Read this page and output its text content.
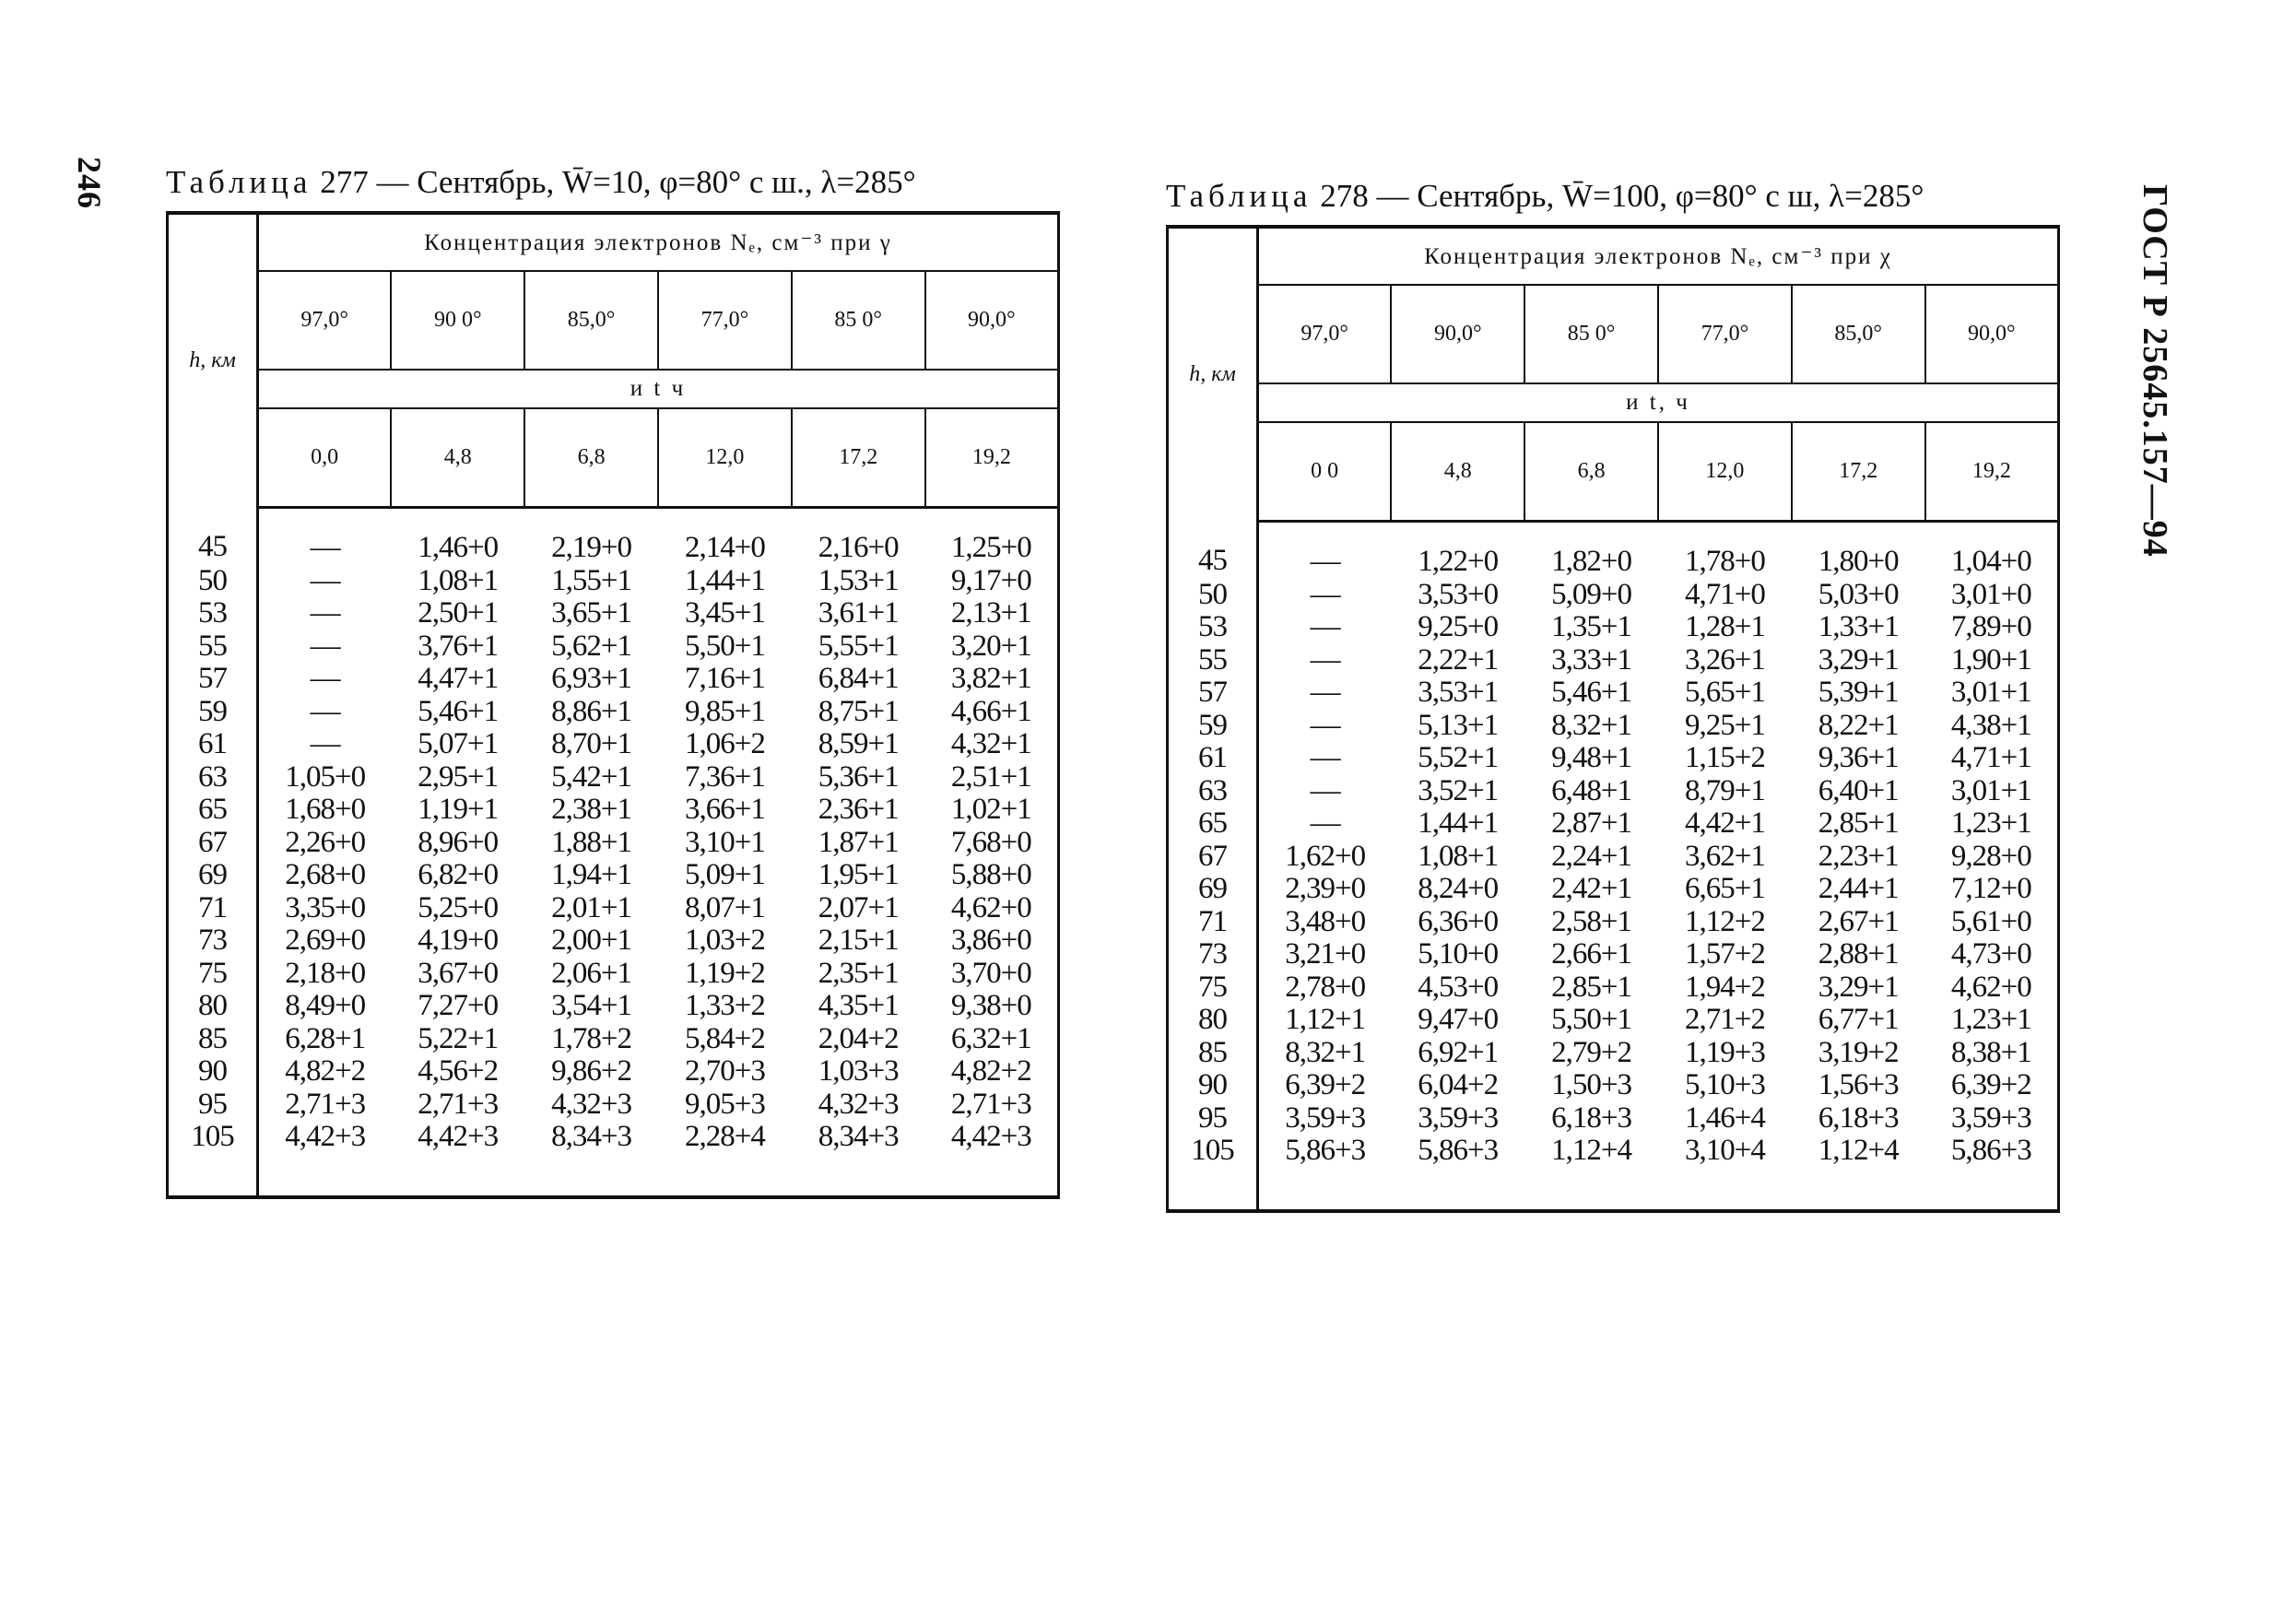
246
ГОСТ Р 25645.157—94
Таблица 277 — Сентябрь, W̄=10, φ=80° с ш., λ=285°
h, км	Концентрация электронов Nₑ, см⁻³ при γ					
	97,0°	90 0°	85,0°	77,0°	85 0°	90,0°
	и t ч					
	0,0	4,8	6,8	12,0	17,2	19,2
45	—	1,46+0	2,19+0	2,14+0	2,16+0	1,25+0
50	—	1,08+1	1,55+1	1,44+1	1,53+1	9,17+0
53	—	2,50+1	3,65+1	3,45+1	3,61+1	2,13+1
55	—	3,76+1	5,62+1	5,50+1	5,55+1	3,20+1
57	—	4,47+1	6,93+1	7,16+1	6,84+1	3,82+1
59	—	5,46+1	8,86+1	9,85+1	8,75+1	4,66+1
61	—	5,07+1	8,70+1	1,06+2	8,59+1	4,32+1
63	1,05+0	2,95+1	5,42+1	7,36+1	5,36+1	2,51+1
65	1,68+0	1,19+1	2,38+1	3,66+1	2,36+1	1,02+1
67	2,26+0	8,96+0	1,88+1	3,10+1	1,87+1	7,68+0
69	2,68+0	6,82+0	1,94+1	5,09+1	1,95+1	5,88+0
71	3,35+0	5,25+0	2,01+1	8,07+1	2,07+1	4,62+0
73	2,69+0	4,19+0	2,00+1	1,03+2	2,15+1	3,86+0
75	2,18+0	3,67+0	2,06+1	1,19+2	2,35+1	3,70+0
80	8,49+0	7,27+0	3,54+1	1,33+2	4,35+1	9,38+0
85	6,28+1	5,22+1	1,78+2	5,84+2	2,04+2	6,32+1
90	4,82+2	4,56+2	9,86+2	2,70+3	1,03+3	4,82+2
95	2,71+3	2,71+3	4,32+3	9,05+3	4,32+3	2,71+3
105	4,42+3	4,42+3	8,34+3	2,28+4	8,34+3	4,42+3
Таблица 278 — Сентябрь, W̄=100, φ=80° с ш, λ=285°
h, км	Концентрация электронов Nₑ, см⁻³ при χ					
	97,0°	90,0°	85 0°	77,0°	85,0°	90,0°
	и t, ч					
	0 0	4,8	6,8	12,0	17,2	19,2
45	—	1,22+0	1,82+0	1,78+0	1,80+0	1,04+0
50	—	3,53+0	5,09+0	4,71+0	5,03+0	3,01+0
53	—	9,25+0	1,35+1	1,28+1	1,33+1	7,89+0
55	—	2,22+1	3,33+1	3,26+1	3,29+1	1,90+1
57	—	3,53+1	5,46+1	5,65+1	5,39+1	3,01+1
59	—	5,13+1	8,32+1	9,25+1	8,22+1	4,38+1
61	—	5,52+1	9,48+1	1,15+2	9,36+1	4,71+1
63	—	3,52+1	6,48+1	8,79+1	6,40+1	3,01+1
65	—	1,44+1	2,87+1	4,42+1	2,85+1	1,23+1
67	1,62+0	1,08+1	2,24+1	3,62+1	2,23+1	9,28+0
69	2,39+0	8,24+0	2,42+1	6,65+1	2,44+1	7,12+0
71	3,48+0	6,36+0	2,58+1	1,12+2	2,67+1	5,61+0
73	3,21+0	5,10+0	2,66+1	1,57+2	2,88+1	4,73+0
75	2,78+0	4,53+0	2,85+1	1,94+2	3,29+1	4,62+0
80	1,12+1	9,47+0	5,50+1	2,71+2	6,77+1	1,23+1
85	8,32+1	6,92+1	2,79+2	1,19+3	3,19+2	8,38+1
90	6,39+2	6,04+2	1,50+3	5,10+3	1,56+3	6,39+2
95	3,59+3	3,59+3	6,18+3	1,46+4	6,18+3	3,59+3
105	5,86+3	5,86+3	1,12+4	3,10+4	1,12+4	5,86+3
